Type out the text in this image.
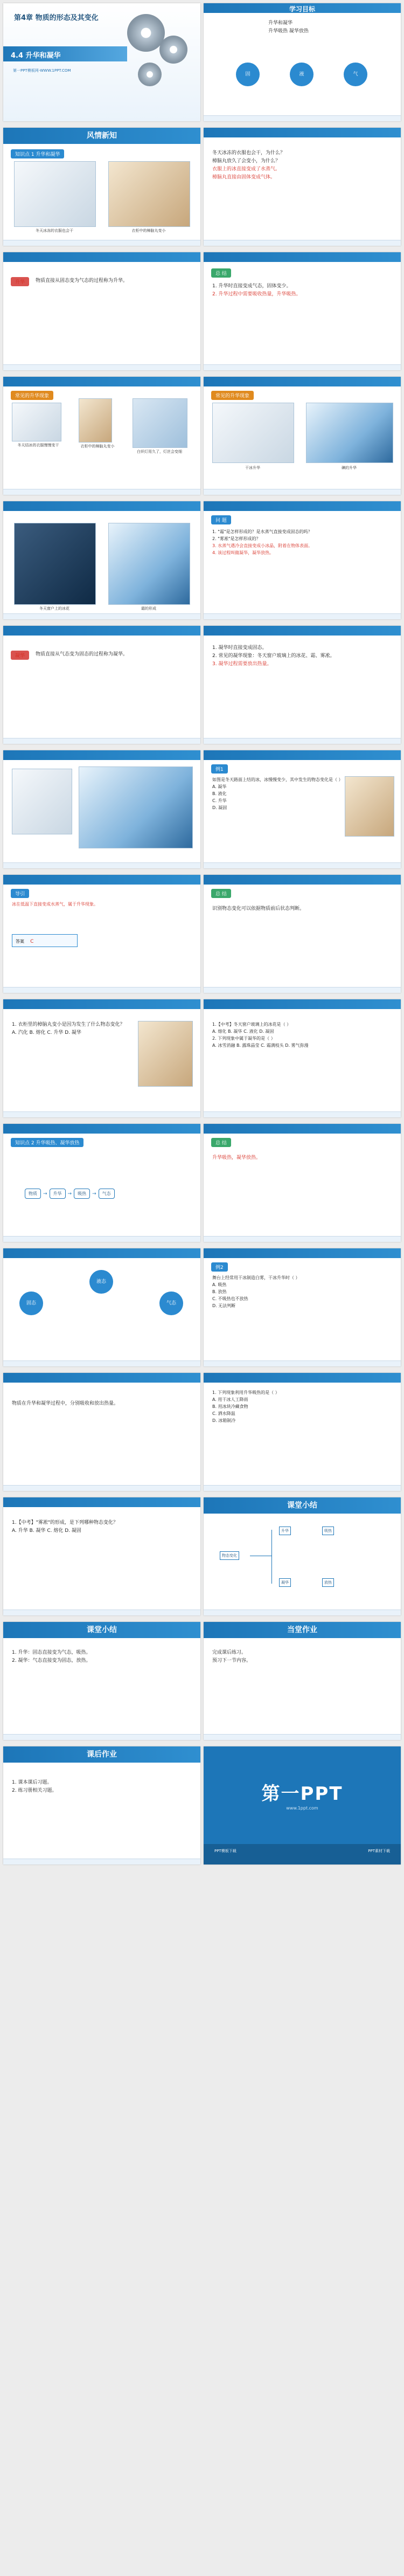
第4章 物质的形态及其变化
4.4 升华和凝华
第一PPT模板网-WWW.1PPT.COM
学习目标
升华和凝华
升华吸热 凝华放热
固	液	气
风情新知
知识点 1 升华和凝华
冬天冰冻的衣服也会干	衣柜中的樟脑丸变小
冬天冰冻的衣服也会干，为什么？
樟脑丸放久了会变小，为什么？
衣服上的冰直接变成了水蒸气。
樟脑丸直接由固体变成气体。
升华	物质直接从固态变为气态的过程称为升华。
总 结
1. 升华时直接变成气态，固体变少。
2. 升华过程中需要吸收热量，升华吸热。
常见的升华现象
冬天结冰的衣服慢慢变干	衣柜中的樟脑丸变小
白炽灯用久了，灯丝会变细
常见的升华现象
干冰升华	碘的升华
冬天窗户上的冰花	霜的形成
问 题
1. "霜"是怎样形成的？是水蒸气直接变成固态的吗？
2. "雾凇"是怎样形成的？
3. 水蒸气遇冷会直接变成小冰晶，附着在物体表面。
4. 该过程叫做凝华，凝华放热。
凝华	物质直接从气态变为固态的过程称为凝华。
1. 凝华时直接变成固态。
2. 常见的凝华现象：冬天窗户玻璃上的冰花、霜、雾凇。
3. 凝华过程需要放出热量。
例1
如图是冬天路面上结的冰，冰慢慢变少，其中发生的物态变化是（ ）
A. 凝华
B. 液化
C. 升华
D. 凝固
导引
冰在低温下直接变成水蒸气，属于升华现象。
答案 C
总 结
识别物态变化可以依据物质前后状态判断。
1. 衣柜里的樟脑丸变小是因为发生了什么物态变化？
A. 汽化 B. 熔化 C. 升华 D. 凝华
1.【中考】冬天窗户玻璃上的冰花是（ ）
A. 熔化 B. 凝华 C. 液化 D. 凝固
2. 下列现象中属于凝华的是（ ）
A. 冰雪消融 B. 露珠晶莹 C. 霜满枝头 D. 雾气弥漫
知识点 2 升华吸热、凝华放热
物质	→	升华	→	吸热	→	气态
总 结
升华吸热，凝华放热。
固态
液态
气态
例2
舞台上经常用干冰制造白雾，干冰升华时（ ）
A. 吸热
B. 放热
C. 不吸热也不放热
D. 无法判断
物质在升华和凝华过程中，分别吸收和放出热量。
1. 下列现象利用升华吸热的是（ ）
A. 用干冰人工降雨
B. 用冰块冷藏食物
C. 洒水降温
D. 冰箱制冷
1.【中考】"雾凇"的形成，是下列哪种物态变化？
A. 升华 B. 凝华 C. 熔化 D. 凝固
课堂小结
物态变化
升华
凝华
吸热
放热
课堂小结
1. 升华：固态直接变为气态，吸热。
2. 凝华：气态直接变为固态，放热。
当堂作业
完成课后练习。
预习下一节内容。
课后作业
1. 课本课后习题。
2. 练习册相关习题。	第一PPT
www.1ppt.com
PPT模板下载	PPT素材下载
